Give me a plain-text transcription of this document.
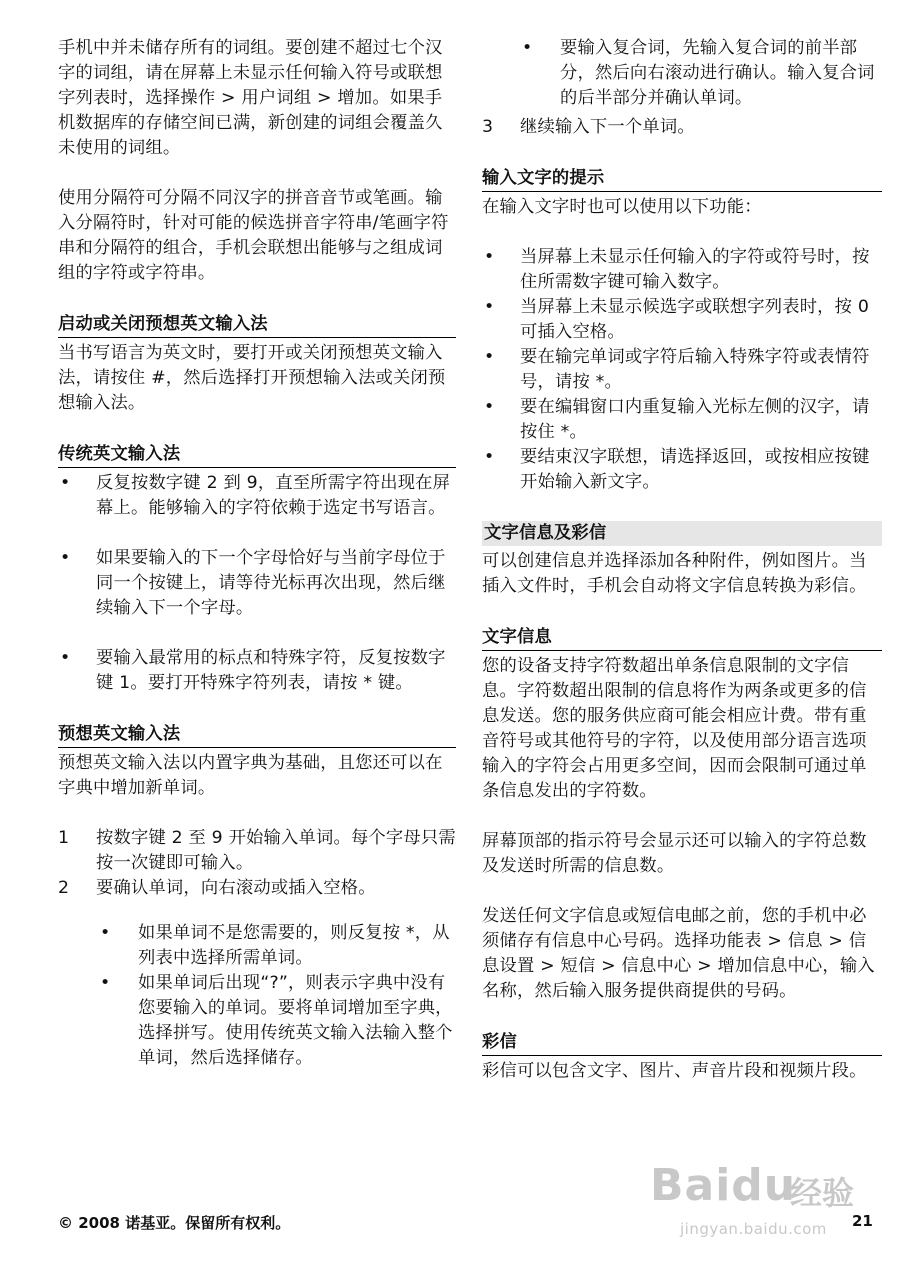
手机中并未储存所有的词组。要创建不超过七个汉字的词组，请在屏幕上未显示任何输入符号或联想字列表时，选择操作 > 用户词组 > 增加。如果手机数据库的存储空间已满，新创建的词组会覆盖久未使用的词组。

使用分隔符可分隔不同汉字的拼音音节或笔画。输入分隔符时，针对可能的候选拼音字符串/笔画字符串和分隔符的组合，手机会联想出能够与之组成词组的字符或字符串。

启动或关闭预想英文输入法

当书写语言为英文时，要打开或关闭预想英文输入法，请按住 #，然后选择打开预想输入法或关闭预想输入法。

传统英文输入法
•	反复按数字键 2 到 9，直至所需字符出现在屏幕上。能够输入的字符依赖于选定书写语言。
•	如果要输入的下一个字母恰好与当前字母位于同一个按键上，请等待光标再次出现，然后继续输入下一个字母。
•	要输入最常用的标点和特殊字符，反复按数字键 1。要打开特殊字符列表，请按 * 键。
预想英文输入法

预想英文输入法以内置字典为基础，且您还可以在字典中增加新单词。

1	按数字键 2 至 9 开始输入单词。每个字母只需按一次键即可输入。
2	要确认单词，向右滚动或插入空格。
•	如果单词不是您需要的，则反复按 *，从列表中选择所需单词。
•	如果单词后出现“?”，则表示字典中没有您要输入的单词。要将单词增加至字典，选择拼写。使用传统英文输入法输入整个单词，然后选择储存。
•	要输入复合词，先输入复合词的前半部分，然后向右滚动进行确认。输入复合词的后半部分并确认单词。
3	继续输入下一个单词。
输入文字的提示

在输入文字时也可以使用以下功能：

•	当屏幕上未显示任何输入的字符或符号时，按住所需数字键可输入数字。
•	当屏幕上未显示候选字或联想字列表时，按 0 可插入空格。
•	要在输完单词或字符后输入特殊字符或表情符号，请按 *。
•	要在编辑窗口内重复输入光标左侧的汉字，请按住 *。
•	要结束汉字联想，请选择返回，或按相应按键开始输入新文字。
文字信息及彩信

可以创建信息并选择添加各种附件，例如图片。当插入文件时，手机会自动将文字信息转换为彩信。

文字信息

您的设备支持字符数超出单条信息限制的文字信息。字符数超出限制的信息将作为两条或更多的信息发送。您的服务供应商可能会相应计费。带有重音符号或其他符号的字符，以及使用部分语言选项输入的字符会占用更多空间，因而会限制可通过单条信息发出的字符数。

屏幕顶部的指示符号会显示还可以输入的字符总数及发送时所需的信息数。

发送任何文字信息或短信电邮之前，您的手机中必须储存有信息中心号码。选择功能表 > 信息 > 信息设置 > 短信 > 信息中心 > 增加信息中心，输入名称，然后输入服务提供商提供的号码。

彩信

彩信可以包含文字、图片、声音片段和视频片段。

Baidu
经验
jingyan.baidu.com
© 2008 诺基亚。保留所有权利。	21
